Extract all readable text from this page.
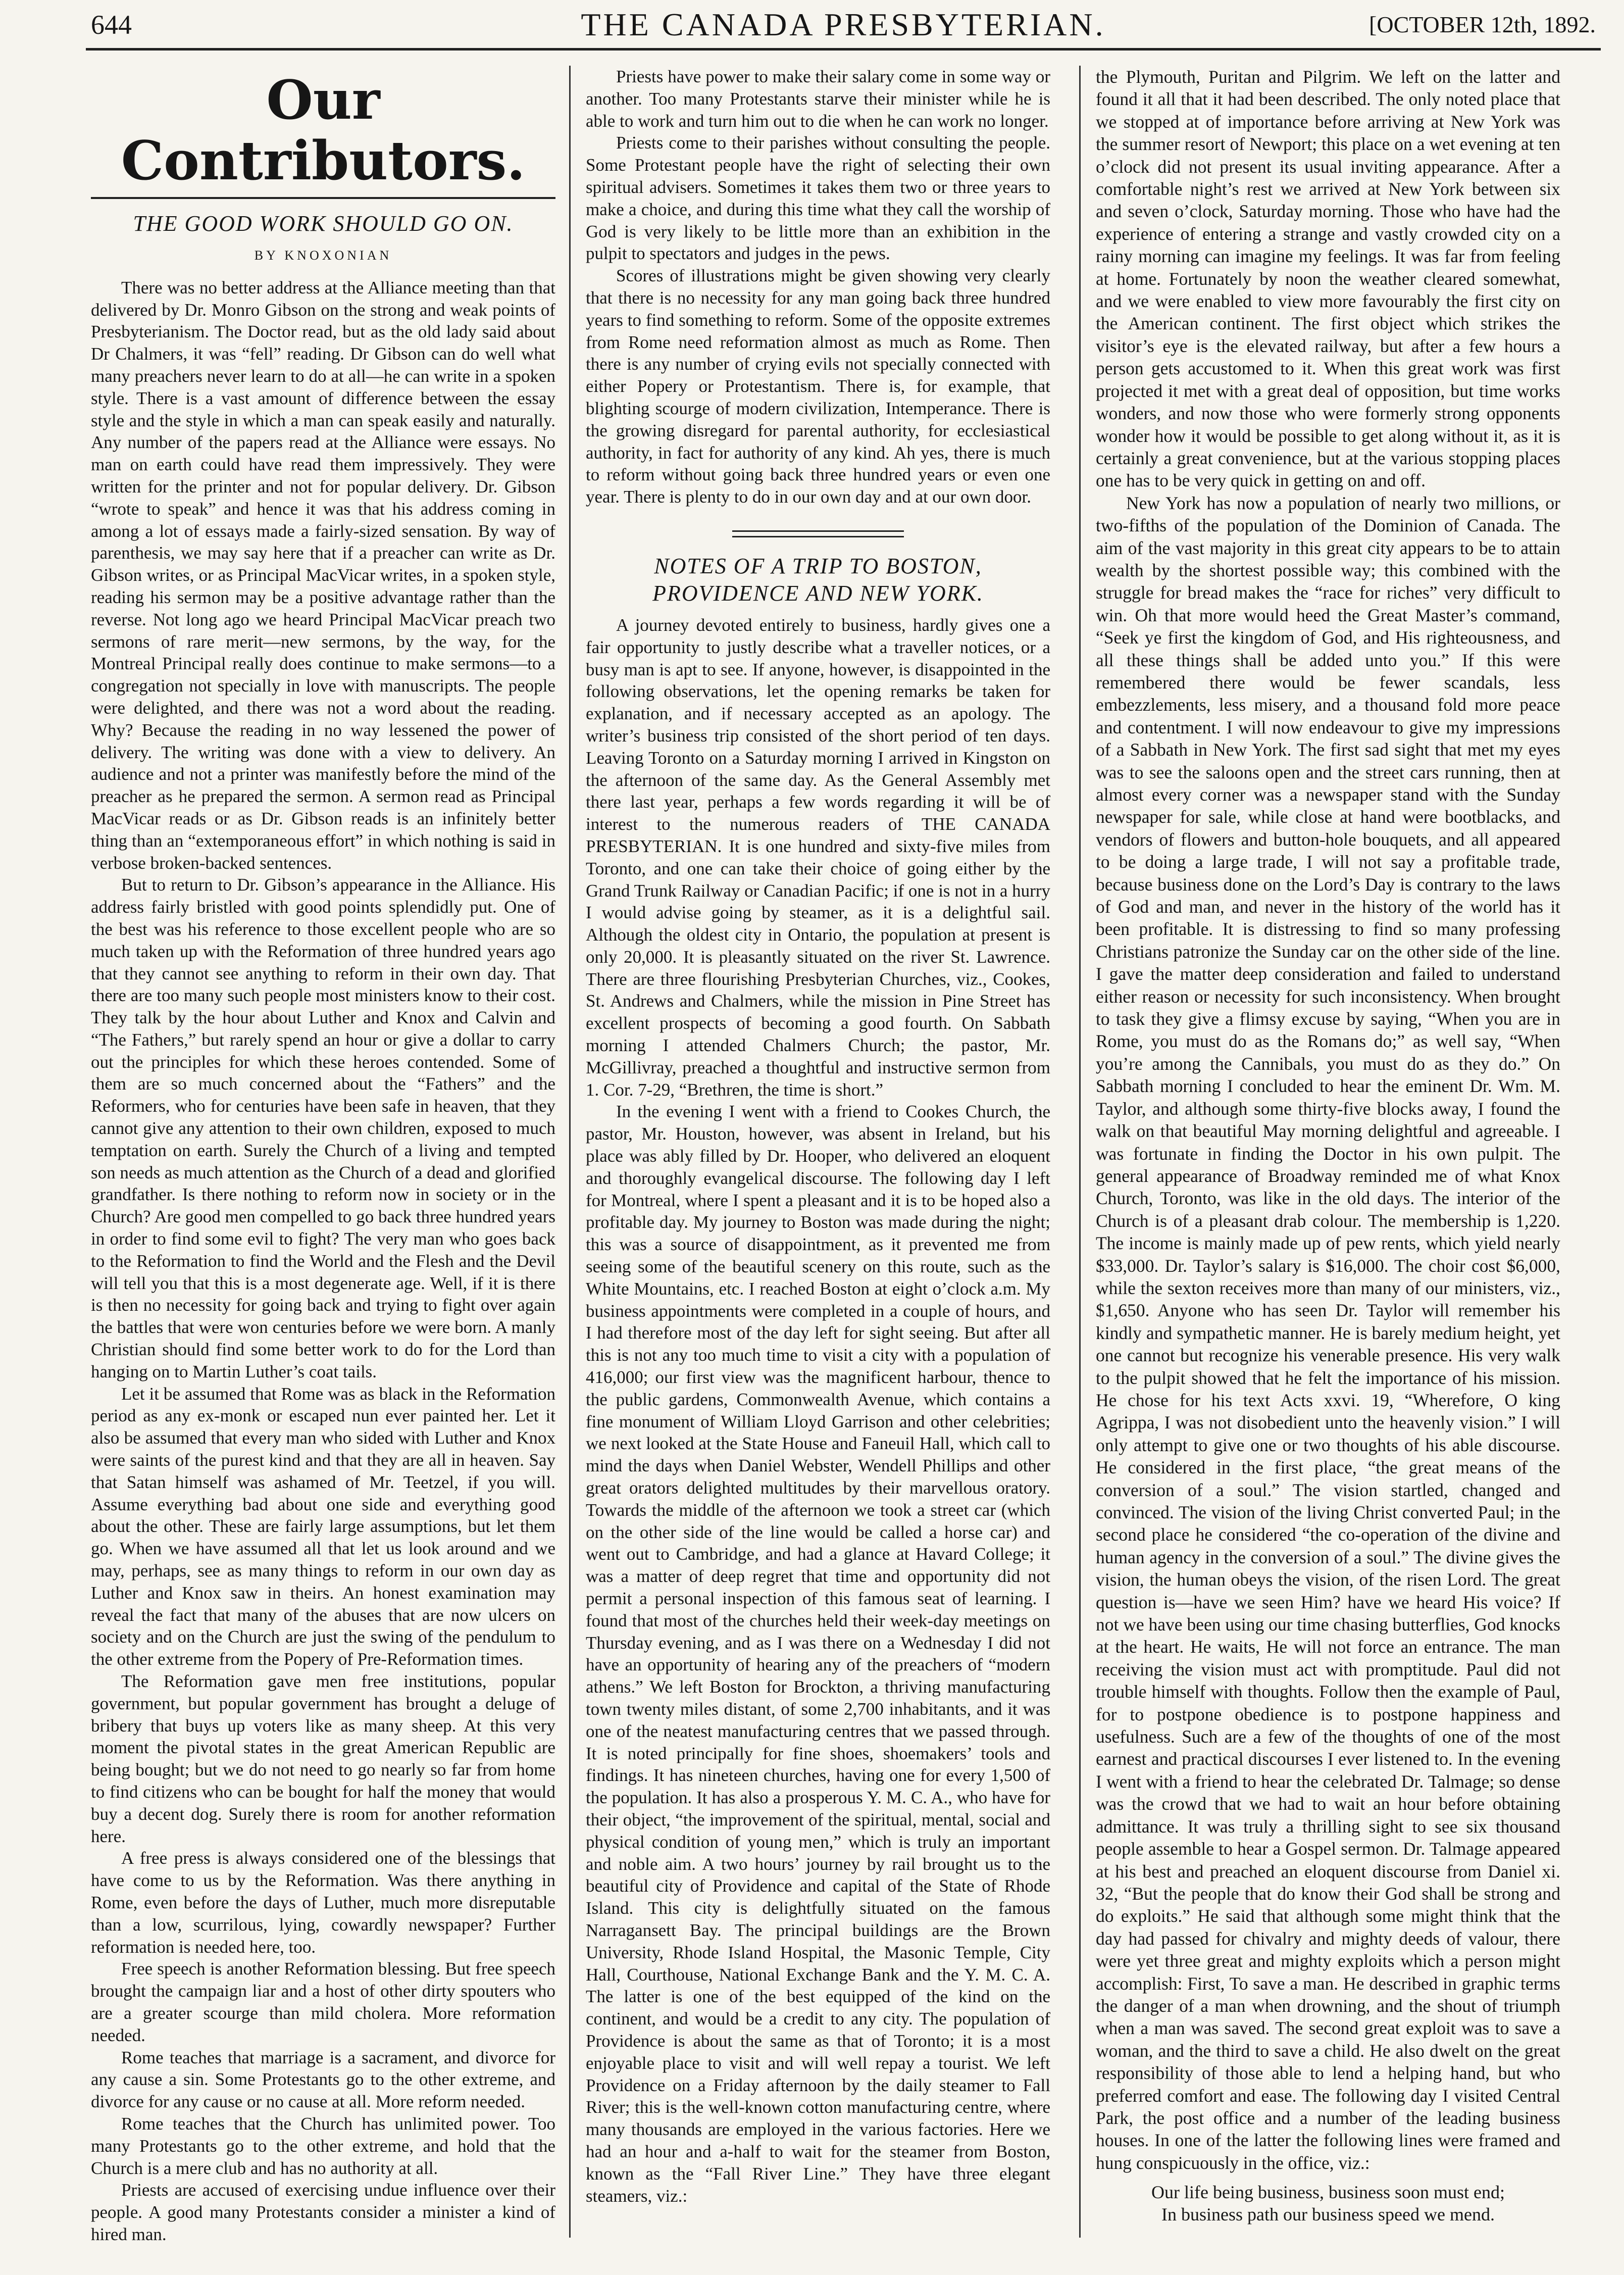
644	THE CANADA PRESBYTERIAN.	[OCTOBER 12th, 1892.
Our Contributors.
THE GOOD WORK SHOULD GO ON.
BY KNOXONIAN

There was no better address at the Alliance meeting than that delivered by Dr. Monro Gibson on the strong and weak points of Presbyterianism. The Doctor read, but as the old lady said about Dr Chalmers, it was “fell” reading. Dr Gibson can do well what many preachers never learn to do at all—he can write in a spoken style. There is a vast amount of difference between the essay style and the style in which a man can speak easily and naturally. Any number of the papers read at the Alliance were essays. No man on earth could have read them impressively. They were written for the printer and not for popular delivery. Dr. Gibson “wrote to speak” and hence it was that his address coming in among a lot of essays made a fairly-sized sensation. By way of parenthesis, we may say here that if a preacher can write as Dr. Gibson writes, or as Principal MacVicar writes, in a spoken style, reading his sermon may be a positive advantage rather than the reverse. Not long ago we heard Principal MacVicar preach two sermons of rare merit—new sermons, by the way, for the Montreal Principal really does continue to make sermons—to a congregation not specially in love with manuscripts. The people were delighted, and there was not a word about the reading. Why? Because the reading in no way lessened the power of delivery. The writing was done with a view to delivery. An audience and not a printer was manifestly before the mind of the preacher as he prepared the sermon. A sermon read as Principal MacVicar reads or as Dr. Gibson reads is an infinitely better thing than an “extemporaneous effort” in which nothing is said in verbose broken-backed sentences.

But to return to Dr. Gibson’s appearance in the Alliance. His address fairly bristled with good points splendidly put. One of the best was his reference to those excellent people who are so much taken up with the Reformation of three hundred years ago that they cannot see anything to reform in their own day. That there are too many such people most ministers know to their cost. They talk by the hour about Luther and Knox and Calvin and “The Fathers,” but rarely spend an hour or give a dollar to carry out the principles for which these heroes contended. Some of them are so much concerned about the “Fathers” and the Reformers, who for centuries have been safe in heaven, that they cannot give any attention to their own children, exposed to much temptation on earth. Surely the Church of a living and tempted son needs as much attention as the Church of a dead and glorified grandfather. Is there nothing to reform now in society or in the Church? Are good men compelled to go back three hundred years in order to find some evil to fight? The very man who goes back to the Reformation to find the World and the Flesh and the Devil will tell you that this is a most degenerate age. Well, if it is there is then no necessity for going back and trying to fight over again the battles that were won centuries before we were born. A manly Christian should find some better work to do for the Lord than hanging on to Martin Luther’s coat tails.

Let it be assumed that Rome was as black in the Reformation period as any ex-monk or escaped nun ever painted her. Let it also be assumed that every man who sided with Luther and Knox were saints of the purest kind and that they are all in heaven. Say that Satan himself was ashamed of Mr. Teetzel, if you will. Assume everything bad about one side and everything good about the other. These are fairly large assumptions, but let them go. When we have assumed all that let us look around and we may, perhaps, see as many things to reform in our own day as Luther and Knox saw in theirs. An honest examination may reveal the fact that many of the abuses that are now ulcers on society and on the Church are just the swing of the pendulum to the other extreme from the Popery of Pre-Reformation times.

The Reformation gave men free institutions, popular government, but popular government has brought a deluge of bribery that buys up voters like as many sheep. At this very moment the pivotal states in the great American Republic are being bought; but we do not need to go nearly so far from home to find citizens who can be bought for half the money that would buy a decent dog. Surely there is room for another reformation here.

A free press is always considered one of the blessings that have come to us by the Reformation. Was there anything in Rome, even before the days of Luther, much more disreputable than a low, scurrilous, lying, cowardly newspaper? Further reformation is needed here, too.

Free speech is another Reformation blessing. But free speech brought the campaign liar and a host of other dirty spouters who are a greater scourge than mild cholera. More reformation needed.

Rome teaches that marriage is a sacrament, and divorce for any cause a sin. Some Protestants go to the other extreme, and divorce for any cause or no cause at all. More reform needed.

Rome teaches that the Church has unlimited power. Too many Protestants go to the other extreme, and hold that the Church is a mere club and has no authority at all.

Priests are accused of exercising undue influence over their people. A good many Protestants consider a minister a kind of hired man.

Priests have power to make their salary come in some way or another. Too many Protestants starve their minister while he is able to work and turn him out to die when he can work no longer.

Priests come to their parishes without consulting the people. Some Protestant people have the right of selecting their own spiritual advisers. Sometimes it takes them two or three years to make a choice, and during this time what they call the worship of God is very likely to be little more than an exhibition in the pulpit to spectators and judges in the pews.

Scores of illustrations might be given showing very clearly that there is no necessity for any man going back three hundred years to find something to reform. Some of the opposite extremes from Rome need reformation almost as much as Rome. Then there is any number of crying evils not specially connected with either Popery or Protestantism. There is, for example, that blighting scourge of modern civilization, Intemperance. There is the growing disregard for parental authority, for ecclesiastical authority, in fact for authority of any kind. Ah yes, there is much to reform without going back three hundred years or even one year. There is plenty to do in our own day and at our own door.

NOTES OF A TRIP TO BOSTON, PROVIDENCE AND NEW YORK.

A journey devoted entirely to business, hardly gives one a fair opportunity to justly describe what a traveller notices, or a busy man is apt to see. If anyone, however, is disappointed in the following observations, let the opening remarks be taken for explanation, and if necessary accepted as an apology. The writer’s business trip consisted of the short period of ten days. Leaving Toronto on a Saturday morning I arrived in Kingston on the afternoon of the same day. As the General Assembly met there last year, perhaps a few words regarding it will be of interest to the numerous readers of THE CANADA PRESBYTERIAN. It is one hundred and sixty-five miles from Toronto, and one can take their choice of going either by the Grand Trunk Railway or Canadian Pacific; if one is not in a hurry I would advise going by steamer, as it is a delightful sail. Although the oldest city in Ontario, the population at present is only 20,000. It is pleasantly situated on the river St. Lawrence. There are three flourishing Presbyterian Churches, viz., Cookes, St. Andrews and Chalmers, while the mission in Pine Street has excellent prospects of becoming a good fourth. On Sabbath morning I attended Chalmers Church; the pastor, Mr. McGillivray, preached a thoughtful and instructive sermon from 1. Cor. 7-29, “Brethren, the time is short.”

In the evening I went with a friend to Cookes Church, the pastor, Mr. Houston, however, was absent in Ireland, but his place was ably filled by Dr. Hooper, who delivered an eloquent and thoroughly evangelical discourse. The following day I left for Montreal, where I spent a pleasant and it is to be hoped also a profitable day. My journey to Boston was made during the night; this was a source of disappointment, as it prevented me from seeing some of the beautiful scenery on this route, such as the White Mountains, etc. I reached Boston at eight o’clock a.m. My business appointments were completed in a couple of hours, and I had therefore most of the day left for sight seeing. But after all this is not any too much time to visit a city with a population of 416,000; our first view was the magnificent harbour, thence to the public gardens, Commonwealth Avenue, which contains a fine monument of William Lloyd Garrison and other celebrities; we next looked at the State House and Faneuil Hall, which call to mind the days when Daniel Webster, Wendell Phillips and other great orators delighted multitudes by their marvellous oratory. Towards the middle of the afternoon we took a street car (which on the other side of the line would be called a horse car) and went out to Cambridge, and had a glance at Havard College; it was a matter of deep regret that time and opportunity did not permit a personal inspection of this famous seat of learning. I found that most of the churches held their week-day meetings on Thursday evening, and as I was there on a Wednesday I did not have an opportunity of hearing any of the preachers of “modern athens.” We left Boston for Brockton, a thriving manufacturing town twenty miles distant, of some 2,700 inhabitants, and it was one of the neatest manufacturing centres that we passed through. It is noted principally for fine shoes, shoemakers’ tools and findings. It has nineteen churches, having one for every 1,500 of the population. It has also a prosperous Y. M. C. A., who have for their object, “the improvement of the spiritual, mental, social and physical condition of young men,” which is truly an important and noble aim. A two hours’ journey by rail brought us to the beautiful city of Providence and capital of the State of Rhode Island. This city is delightfully situated on the famous Narragansett Bay. The principal buildings are the Brown University, Rhode Island Hospital, the Masonic Temple, City Hall, Courthouse, National Exchange Bank and the Y. M. C. A. The latter is one of the best equipped of the kind on the continent, and would be a credit to any city. The population of Providence is about the same as that of Toronto; it is a most enjoyable place to visit and will well repay a tourist. We left Providence on a Friday afternoon by the daily steamer to Fall River; this is the well-known cotton manufacturing centre, where many thousands are employed in the various factories. Here we had an hour and a-half to wait for the steamer from Boston, known as the “Fall River Line.” They have three elegant steamers, viz.:

the Plymouth, Puritan and Pilgrim. We left on the latter and found it all that it had been described. The only noted place that we stopped at of importance before arriving at New York was the summer resort of Newport; this place on a wet evening at ten o’clock did not present its usual inviting appearance. After a comfortable night’s rest we arrived at New York between six and seven o’clock, Saturday morning. Those who have had the experience of entering a strange and vastly crowded city on a rainy morning can imagine my feelings. It was far from feeling at home. Fortunately by noon the weather cleared somewhat, and we were enabled to view more favourably the first city on the American continent. The first object which strikes the visitor’s eye is the elevated railway, but after a few hours a person gets accustomed to it. When this great work was first projected it met with a great deal of opposition, but time works wonders, and now those who were formerly strong opponents wonder how it would be possible to get along without it, as it is certainly a great convenience, but at the various stopping places one has to be very quick in getting on and off.

New York has now a population of nearly two millions, or two-fifths of the population of the Dominion of Canada. The aim of the vast majority in this great city appears to be to attain wealth by the shortest possible way; this combined with the struggle for bread makes the “race for riches” very difficult to win. Oh that more would heed the Great Master’s command, “Seek ye first the kingdom of God, and His righteousness, and all these things shall be added unto you.” If this were remembered there would be fewer scandals, less embezzlements, less misery, and a thousand fold more peace and contentment. I will now endeavour to give my impressions of a Sabbath in New York. The first sad sight that met my eyes was to see the saloons open and the street cars running, then at almost every corner was a newspaper stand with the Sunday newspaper for sale, while close at hand were bootblacks, and vendors of flowers and button-hole bouquets, and all appeared to be doing a large trade, I will not say a profitable trade, because business done on the Lord’s Day is contrary to the laws of God and man, and never in the history of the world has it been profitable. It is distressing to find so many professing Christians patronize the Sunday car on the other side of the line. I gave the matter deep consideration and failed to understand either reason or necessity for such inconsistency. When brought to task they give a flimsy excuse by saying, “When you are in Rome, you must do as the Romans do;” as well say, “When you’re among the Cannibals, you must do as they do.” On Sabbath morning I concluded to hear the eminent Dr. Wm. M. Taylor, and although some thirty-five blocks away, I found the walk on that beautiful May morning delightful and agreeable. I was fortunate in finding the Doctor in his own pulpit. The general appearance of Broadway reminded me of what Knox Church, Toronto, was like in the old days. The interior of the Church is of a pleasant drab colour. The membership is 1,220. The income is mainly made up of pew rents, which yield nearly $33,000. Dr. Taylor’s salary is $16,000. The choir cost $6,000, while the sexton receives more than many of our ministers, viz., $1,650. Anyone who has seen Dr. Taylor will remember his kindly and sympathetic manner. He is barely medium height, yet one cannot but recognize his venerable presence. His very walk to the pulpit showed that he felt the importance of his mission. He chose for his text Acts xxvi. 19, “Wherefore, O king Agrippa, I was not disobedient unto the heavenly vision.” I will only attempt to give one or two thoughts of his able discourse. He considered in the first place, “the great means of the conversion of a soul.” The vision startled, changed and convinced. The vision of the living Christ converted Paul; in the second place he considered “the co-operation of the divine and human agency in the conversion of a soul.” The divine gives the vision, the human obeys the vision, of the risen Lord. The great question is—have we seen Him? have we heard His voice? If not we have been using our time chasing butterflies, God knocks at the heart. He waits, He will not force an entrance. The man receiving the vision must act with promptitude. Paul did not trouble himself with thoughts. Follow then the example of Paul, for to postpone obedience is to postpone happiness and usefulness. Such are a few of the thoughts of one of the most earnest and practical discourses I ever listened to. In the evening I went with a friend to hear the celebrated Dr. Talmage; so dense was the crowd that we had to wait an hour before obtaining admittance. It was truly a thrilling sight to see six thousand people assemble to hear a Gospel sermon. Dr. Talmage appeared at his best and preached an eloquent discourse from Daniel xi. 32, “But the people that do know their God shall be strong and do exploits.” He said that although some might think that the day had passed for chivalry and mighty deeds of valour, there were yet three great and mighty exploits which a person might accomplish: First, To save a man. He described in graphic terms the danger of a man when drowning, and the shout of triumph when a man was saved. The second great exploit was to save a woman, and the third to save a child. He also dwelt on the great responsibility of those able to lend a helping hand, but who preferred comfort and ease. The following day I visited Central Park, the post office and a number of the leading business houses. In one of the latter the following lines were framed and hung conspicuously in the office, viz.:

Our life being business, business soon must end;
In business path our business speed we mend.
